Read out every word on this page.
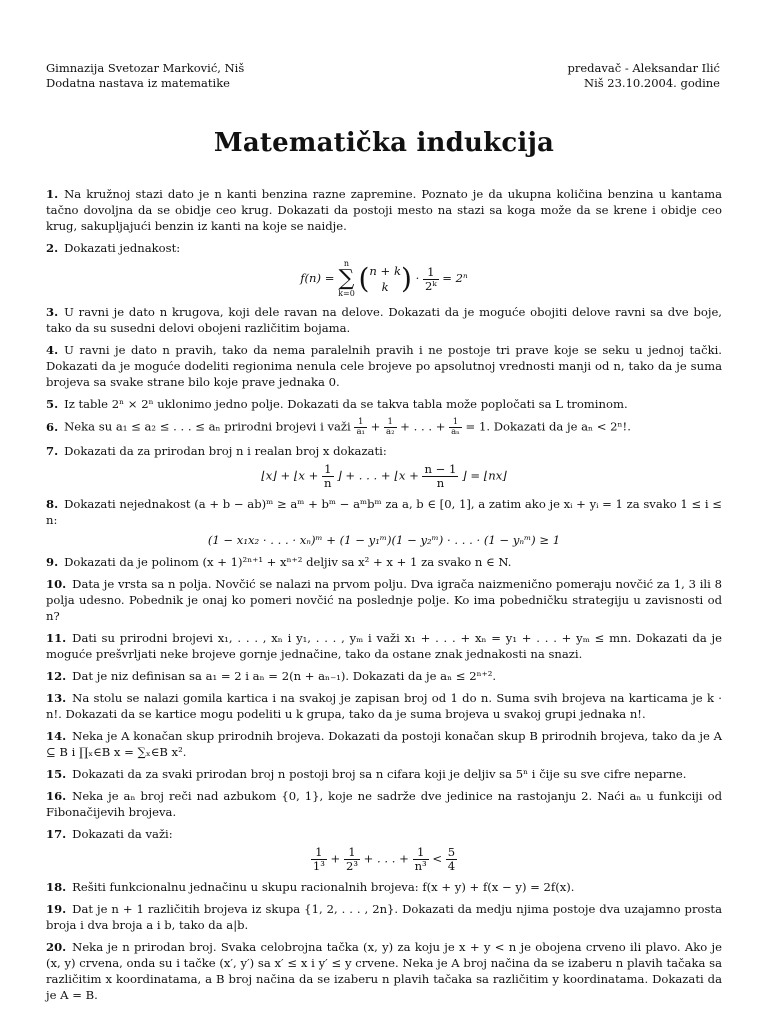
Gimnazija Svetozar Marković, Niš
Dodatna nastava iz matematike
predavač - Aleksandar Ilić
Niš 23.10.2004. godine
Matematička indukcija
1. Na kružnoj stazi dato je n kanti benzina razne zapremine. Poznato je da ukupna količina benzina u kantama tačno dovoljna da se obidje ceo krug. Dokazati da postoji mesto na stazi sa koga može da se krene i obidje ceo krug, sakupljajući benzin iz kanti na koje se naidje.
2. Dokazati jednakost:
f(n) =
n
∑
k=0 ( n + k
k ) · $\frac{1}{\text{2ᵏ}} = 2^n$
3. U ravni je dato n krugova, koji dele ravan na delove. Dokazati da je moguće obojiti delove ravni sa dve boje, tako da su susedni delovi obojeni različitim bojama.
4. U ravni je dato n pravih, tako da nema paralelnih pravih i ne postoje tri prave koje se seku u jednoj tački. Dokazati da je moguće dodeliti regionima nenula cele brojeve po apsolutnoj vrednosti manji od n, tako da je suma brojeva sa svake strane bilo koje prave jednaka 0.
5. Iz table 2ⁿ × 2ⁿ uklonimo jedno polje. Dokazati da se takva tabla može popločati sa L trominom.
6. Neka su a₁ ≤ a₂ ≤ . . . ≤ aₙ prirodni brojevi i važi $\frac{1}{\text{a₁}} + \frac{1}{\text{a₂}}$ + . . . + $\frac{1}{\text{aₙ}} = 1$. Dokazati da je aₙ < 2ⁿ!.
7. Dokazati da za prirodan broj n i realan broj x dokazati:
⌊x⌋ + ⌊x + $\frac{1}{n}$ ⌋ + . . . + ⌊x + $\frac{n - 1}{n}$ ⌋ = ⌊nx⌋
8. Dokazati nejednakost (a + b − ab)ᵐ ≥ aᵐ + bᵐ − aᵐbᵐ za a, b ∈ [0, 1], a zatim ako je xᵢ + yᵢ = 1 za svako 1 ≤ i ≤ n:
(1 − x₁x₂ · . . . · xₙ)ᵐ + (1 − y₁ᵐ)(1 − y₂ᵐ) · . . . · (1 − yₙᵐ) ≥ 1
9. Dokazati da je polinom (x + 1)²ⁿ⁺¹ + xⁿ⁺² deljiv sa x² + x + 1 za svako n ∈ N.
10. Data je vrsta sa n polja. Novčić se nalazi na prvom polju. Dva igrača naizmenično pomeraju novčić za 1, 3 ili 8 polja udesno. Pobednik je onaj ko pomeri novčić na poslednje polje. Ko ima pobedničku strategiju u zavisnosti od n?
11. Dati su prirodni brojevi x₁, . . . , xₙ i y₁, . . . , yₘ i važi x₁ + . . . + xₙ = y₁ + . . . + yₘ ≤ mn. Dokazati da je moguće prešvrljati neke brojeve gornje jednačine, tako da ostane znak jednakosti na snazi.
12. Dat je niz definisan sa a₁ = 2 i aₙ = 2(n + aₙ₋₁). Dokazati da je aₙ ≤ 2ⁿ⁺².
13. Na stolu se nalazi gomila kartica i na svakoj je zapisan broj od 1 do n. Suma svih brojeva na karticama je k · n!. Dokazati da se kartice mogu podeliti u k grupa, tako da je suma brojeva u svakoj grupi jednaka n!.
14. Neka je A konačan skup prirodnih brojeva. Dokazati da postoji konačan skup B prirodnih brojeva, tako da je A ⊆ B i ∏ₓ∈B x = ∑ₓ∈B x².
15. Dokazati da za svaki prirodan broj n postoji broj sa n cifara koji je deljiv sa 5ⁿ i čije su sve cifre neparne.
16. Neka je aₙ broj reči nad azbukom {0, 1}, koje ne sadrže dve jedinice na rastojanju 2. Naći aₙ u funkciji od Fibonačijevih brojeva.
17. Dokazati da važi:
$\frac{1}{\text{1³}} + \frac{1}{\text{2³}}$ + . . . + $\frac{1}{\text{n³}} < \frac{5}{4}$
18. Rešiti funkcionalnu jednačinu u skupu racionalnih brojeva: f(x + y) + f(x − y) = 2f(x).
19. Dat je n + 1 različitih brojeva iz skupa {1, 2, . . . , 2n}. Dokazati da medju njima postoje dva uzajamno prosta broja i dva broja a i b, tako da a|b.
20. Neka je n prirodan broj. Svaka celobrojna tačka (x, y) za koju je x + y < n je obojena crveno ili plavo. Ako je (x, y) crvena, onda su i tačke (x′, y′) sa x′ ≤ x i y′ ≤ y crvene. Neka je A broj načina da se izaberu n plavih tačaka sa različitim x koordinatama, a B broj načina da se izaberu n plavih tačaka sa različitim y koordinatama. Dokazati da je A = B.
